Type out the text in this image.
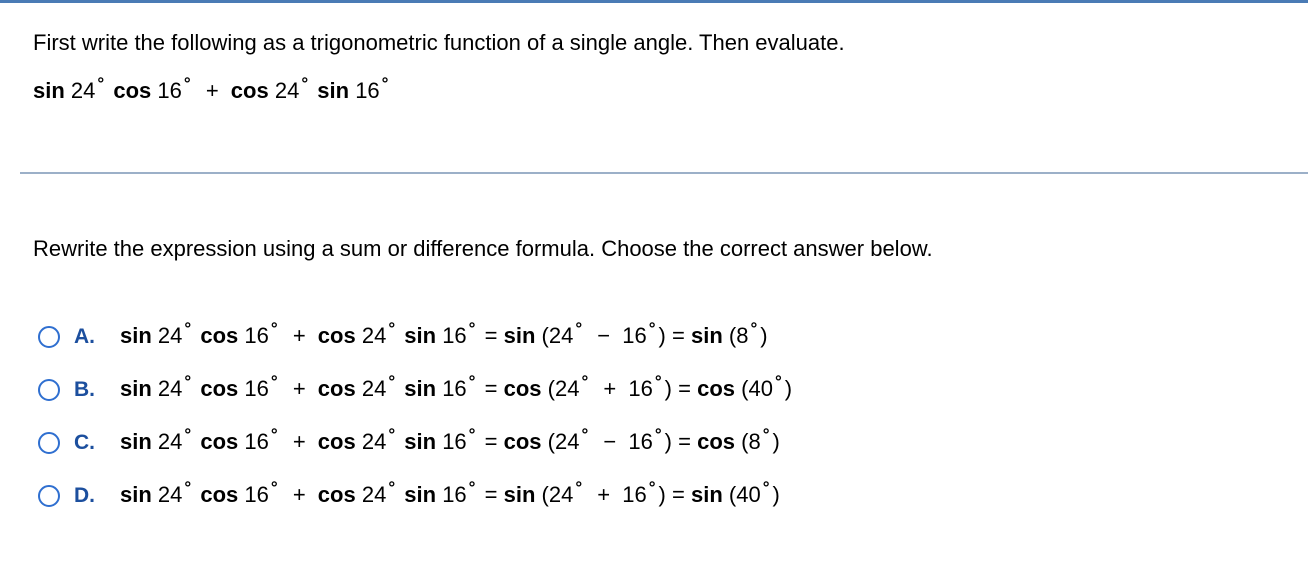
First write the following as a trigonometric function of a single angle. Then evaluate.

sin 24 ° cos 16 ° + cos 24 ° sin 16 °

Rewrite the expression using a sum or difference formula. Choose the correct answer below.

A.	sin 24 ° cos 16 ° + cos 24 ° sin 16 ° = sin (24 ° − 16 ° ) = sin (8 ° )
B.	sin 24 ° cos 16 ° + cos 24 ° sin 16 ° = cos (24 ° + 16 ° ) = cos (40 ° )
C.	sin 24 ° cos 16 ° + cos 24 ° sin 16 ° = cos (24 ° − 16 ° ) = cos (8 ° )
D.	sin 24 ° cos 16 ° + cos 24 ° sin 16 ° = sin (24 ° + 16 ° ) = sin (40 ° )
